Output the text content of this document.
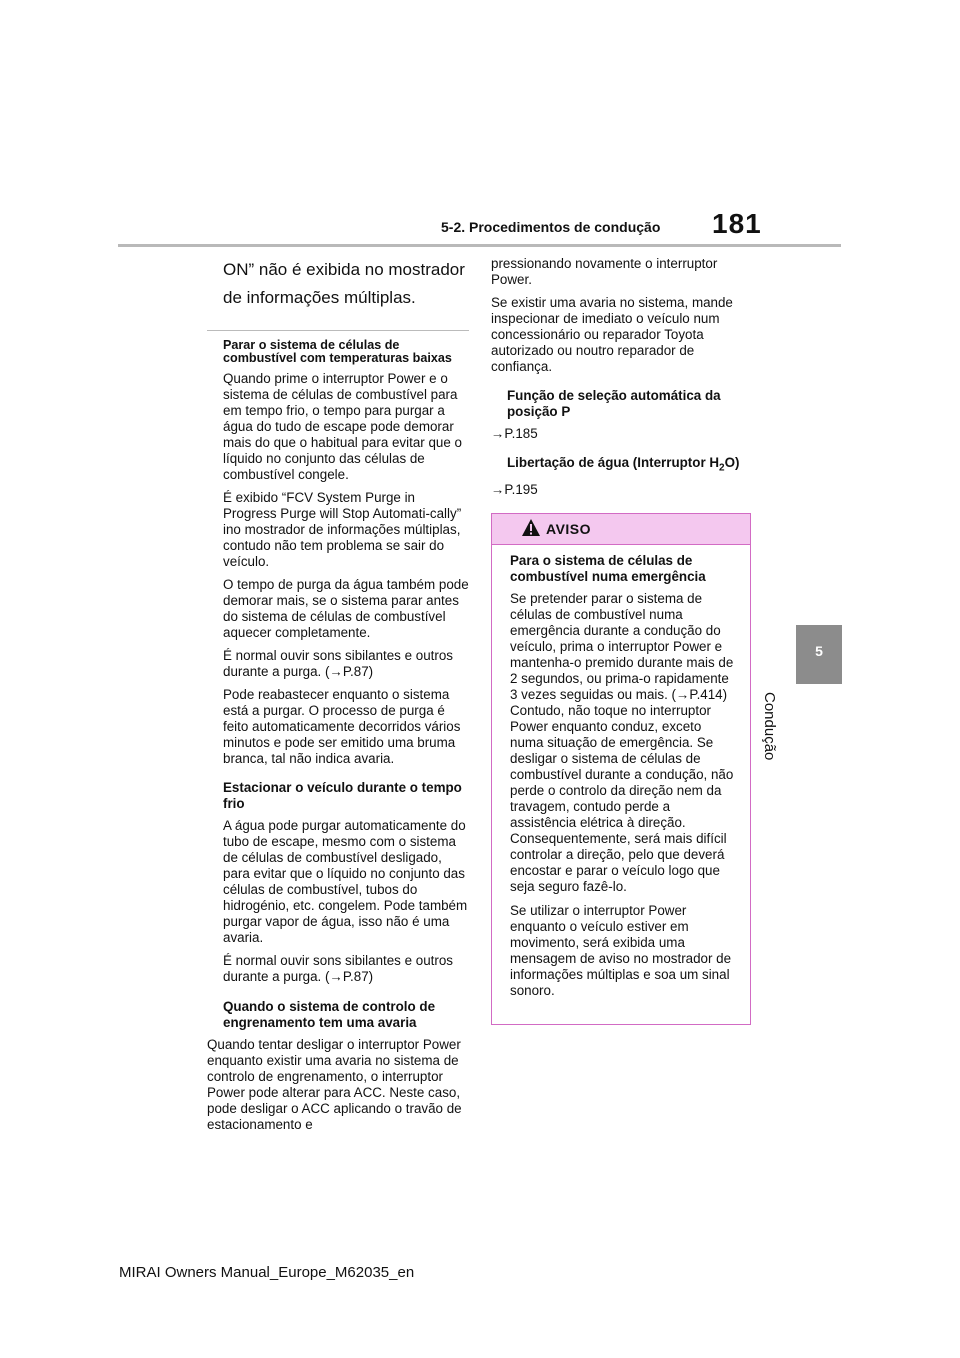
5-2. Procedimentos de condução 181
5
Condução

ON” não é exibida no mostrador de informações múltiplas.

Parar o sistema de células de combustível com temperaturas baixas

Quando prime o interruptor Power e o sistema de células de combustível para em tempo frio, o tempo para purgar a água do tudo de escape pode demorar mais do que o habitual para evitar que o líquido no conjunto das células de combustível congele.

É exibido “FCV System Purge in Progress Purge will Stop Automati-cally” ino mostrador de informações múltiplas, contudo não tem problema se sair do veículo.

O tempo de purga da água também pode demorar mais, se o sistema parar antes do sistema de células de combustível aquecer completamente.

É normal ouvir sons sibilantes e outros durante a purga. (→P.87)

Pode reabastecer enquanto o sistema está a purgar. O processo de purga é feito automaticamente decorridos vários minutos e pode ser emitido uma bruma branca, tal não indica avaria.

Estacionar o veículo durante o tempo frio

A água pode purgar automaticamente do tubo de escape, mesmo com o sistema de células de combustível desligado, para evitar que o líquido no conjunto das células de combustível, tubos do hidrogénio, etc. congelem. Pode também purgar vapor de água, isso não é uma avaria.

É normal ouvir sons sibilantes e outros durante a purga. (→P.87)

Quando o sistema de controlo de engrenamento tem uma avaria

Quando tentar desligar o interruptor Power enquanto existir uma avaria no sistema de controlo de engrenamento, o interruptor Power pode alterar para ACC. Neste caso, pode desligar o ACC aplicando o travão de estacionamento e

pressionando novamente o interruptor Power.

Se existir uma avaria no sistema, mande inspecionar de imediato o veículo num concessionário ou reparador Toyota autorizado ou noutro reparador de confiança.

Função de seleção automática da posição P

→P.185

Libertação de água (Interruptor $H_2O$)

→P.195

AVISO

Para o sistema de células de combustível numa emergência

Se pretender parar o sistema de células de combustível numa emergência durante a condução do veículo, prima o interruptor Power e mantenha-o premido durante mais de 2 segundos, ou prima-o rapidamente 3 vezes seguidas ou mais. (→P.414) Contudo, não toque no interruptor Power enquanto conduz, exceto numa situação de emergência. Se desligar o sistema de células de combustível durante a condução, não perde o controlo da direção nem da travagem, contudo perde a assistência elétrica à direção. Consequentemente, será mais difícil controlar a direção, pelo que deverá encostar e parar o veículo logo que seja seguro fazê-lo.

Se utilizar o interruptor Power enquanto o veículo estiver em movimento, será exibida uma mensagem de aviso no mostrador de informações múltiplas e soa um sinal sonoro.

MIRAI Owners Manual_Europe_M62035_en
